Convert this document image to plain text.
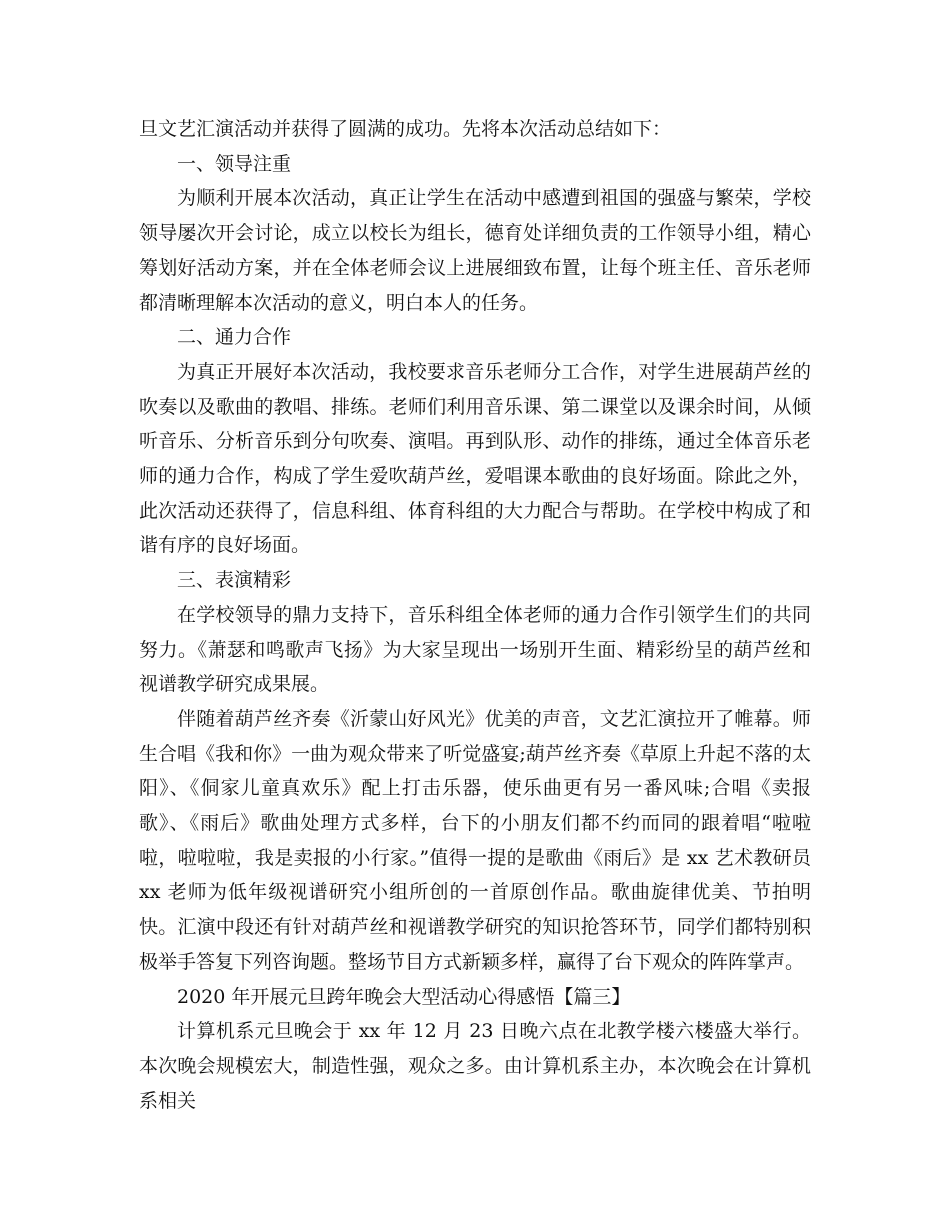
旦文艺汇演活动并获得了圆满的成功。先将本次活动总结如下：

一、领导注重

为顺利开展本次活动，真正让学生在活动中感遭到祖国的强盛与繁荣，学校领导屡次开会讨论，成立以校长为组长，德育处详细负责的工作领导小组，精心筹划好活动方案，并在全体老师会议上进展细致布置，让每个班主任、音乐老师都清晰理解本次活动的意义，明白本人的任务。

二、通力合作

为真正开展好本次活动，我校要求音乐老师分工合作，对学生进展葫芦丝的吹奏以及歌曲的教唱、排练。老师们利用音乐课、第二课堂以及课余时间，从倾听音乐、分析音乐到分句吹奏、演唱。再到队形、动作的排练，通过全体音乐老师的通力合作，构成了学生爱吹葫芦丝，爱唱课本歌曲的良好场面。除此之外，此次活动还获得了，信息科组、体育科组的大力配合与帮助。在学校中构成了和谐有序的良好场面。

三、表演精彩

在学校领导的鼎力支持下，音乐科组全体老师的通力合作引领学生们的共同努力。《萧瑟和鸣歌声飞扬》为大家呈现出一场别开生面、精彩纷呈的葫芦丝和视谱教学研究成果展。

伴随着葫芦丝齐奏《沂蒙山好风光》优美的声音，文艺汇演拉开了帷幕。师生合唱《我和你》一曲为观众带来了听觉盛宴;葫芦丝齐奏《草原上升起不落的太阳》、《侗家儿童真欢乐》配上打击乐器，使乐曲更有另一番风味;合唱《卖报歌》、《雨后》歌曲处理方式多样，台下的小朋友们都不约而同的跟着唱“啦啦啦，啦啦啦，我是卖报的小行家。”值得一提的是歌曲《雨后》是 xx 艺术教研员 xx 老师为低年级视谱研究小组所创的一首原创作品。歌曲旋律优美、节拍明快。汇演中段还有针对葫芦丝和视谱教学研究的知识抢答环节，同学们都特别积极举手答复下列咨询题。整场节目方式新颖多样，赢得了台下观众的阵阵掌声。

2020 年开展元旦跨年晚会大型活动心得感悟【篇三】

计算机系元旦晚会于 xx 年 12 月 23 日晚六点在北教学楼六楼盛大举行。本次晚会规模宏大，制造性强，观众之多。由计算机系主办，本次晚会在计算机系相关
